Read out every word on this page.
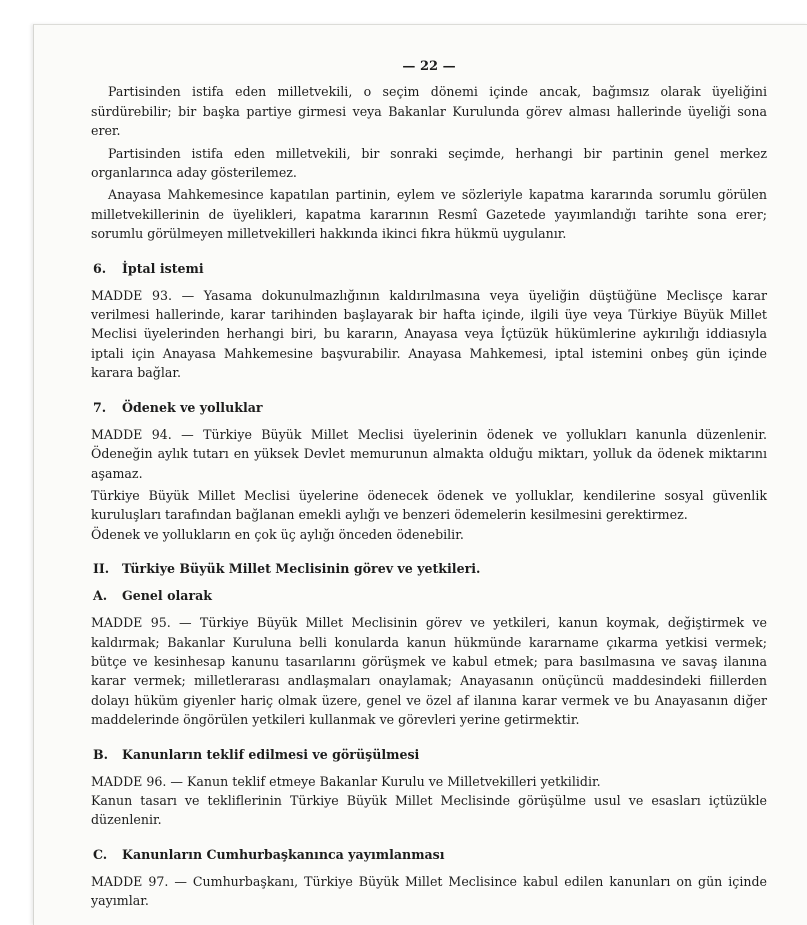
— 22 —

Partisinden istifa eden milletvekili, o seçim dönemi içinde ancak, bağımsız olarak üyeliğini sürdürebilir; bir başka partiye girmesi veya Bakanlar Kurulunda görev alması hallerinde üyeliği sona erer.

Partisinden istifa eden milletvekili, bir sonraki seçimde, herhangi bir partinin genel merkez organlarınca aday gösterilemez.

Anayasa Mahkemesince kapatılan partinin, eylem ve sözleriyle kapatma kararında sorumlu görülen milletvekillerinin de üyelikleri, kapatma kararının Resmî Gazetede yayımlandığı tarihte sona erer; sorumlu görülmeyen milletvekilleri hakkında ikinci fıkra hükmü uygulanır.

6. İptal istemi

MADDE 93. — Yasama dokunulmazlığının kaldırılmasına veya üyeliğin düştüğüne Meclisçe karar verilmesi hallerinde, karar tarihinden başlayarak bir hafta içinde, ilgili üye veya Türkiye Büyük Millet Meclisi üyelerinden herhangi biri, bu kararın, Anayasa veya İçtüzük hükümlerine aykırılığı iddiasıyla iptali için Anayasa Mahkemesine başvurabilir. Anayasa Mahkemesi, iptal istemini onbeş gün içinde karara bağlar.

7. Ödenek ve yolluklar

MADDE 94. — Türkiye Büyük Millet Meclisi üyelerinin ödenek ve yollukları kanunla düzenlenir. Ödeneğin aylık tutarı en yüksek Devlet memurunun almakta olduğu miktarı, yolluk da ödenek miktarını aşamaz.

Türkiye Büyük Millet Meclisi üyelerine ödenecek ödenek ve yolluklar, kendilerine sosyal güvenlik kuruluşları tarafından bağlanan emekli aylığı ve benzeri ödemelerin kesilmesini gerektirmez.

Ödenek ve yollukların en çok üç aylığı önceden ödenebilir.

II. Türkiye Büyük Millet Meclisinin görev ve yetkileri.
A. Genel olarak

MADDE 95. — Türkiye Büyük Millet Meclisinin görev ve yetkileri, kanun koymak, değiştirmek ve kaldırmak; Bakanlar Kuruluna belli konularda kanun hükmünde kararname çıkarma yetkisi vermek; bütçe ve kesinhesap kanunu tasarılarını görüşmek ve kabul etmek; para basılmasına ve savaş ilanına karar vermek; milletlerarası andlaşmaları onaylamak; Anayasanın onüçüncü maddesindeki fiillerden dolayı hüküm giyenler hariç olmak üzere, genel ve özel af ilanına karar vermek ve bu Anayasanın diğer maddelerinde öngörülen yetkileri kullanmak ve görevleri yerine getirmektir.

B. Kanunların teklif edilmesi ve görüşülmesi

MADDE 96. — Kanun teklif etmeye Bakanlar Kurulu ve Milletvekilleri yetkilidir.

Kanun tasarı ve tekliflerinin Türkiye Büyük Millet Meclisinde görüşülme usul ve esasları içtüzükle düzenlenir.

C. Kanunların Cumhurbaşkanınca yayımlanması

MADDE 97. — Cumhurbaşkanı, Türkiye Büyük Millet Meclisince kabul edilen kanunları on gün içinde yayımlar.
